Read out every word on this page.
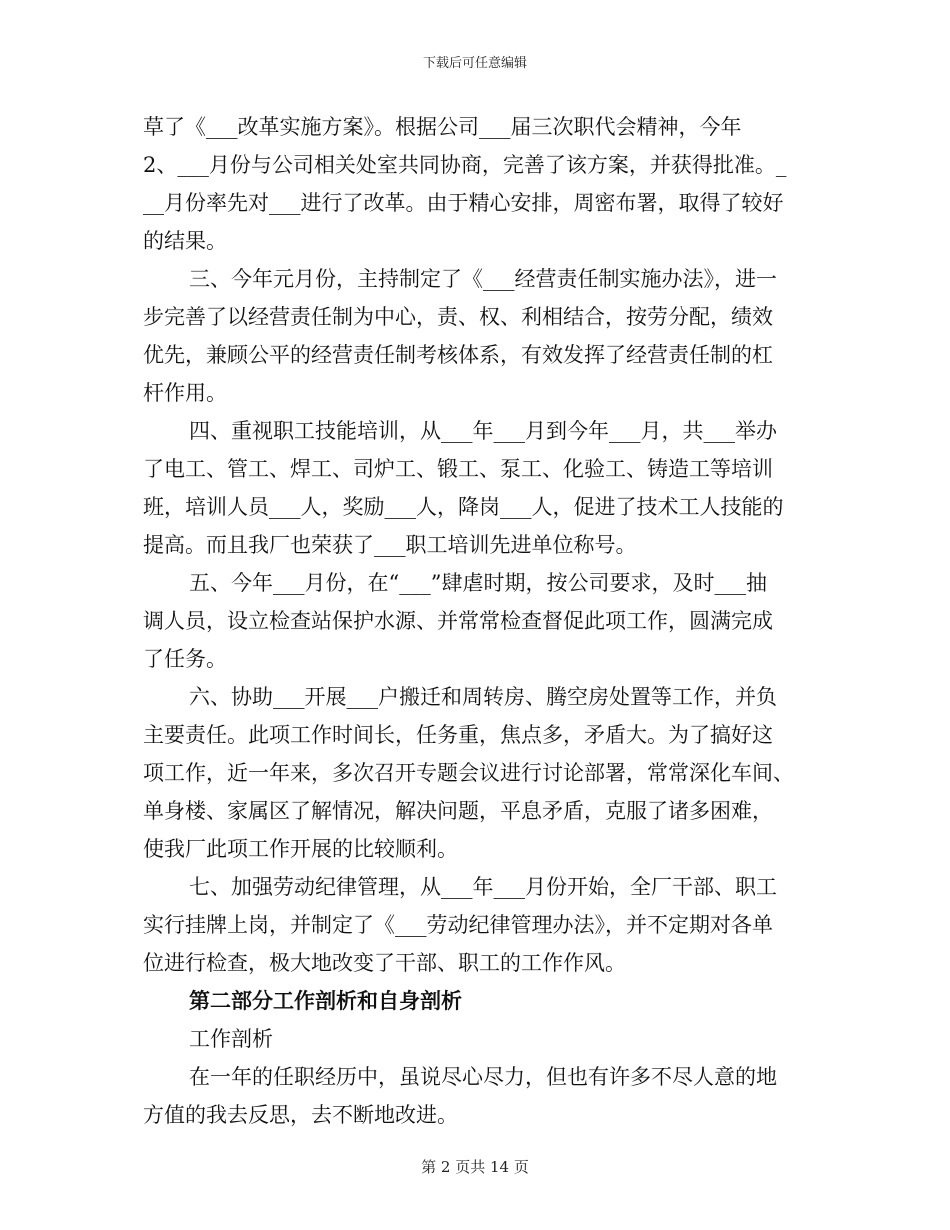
下载后可任意编辑
草了《___改革实施方案》。根据公司___届三次职代会精神，今年
2、___月份与公司相关处室共同协商，完善了该方案，并获得批准。_
__月份率先对___进行了改革。由于精心安排，周密布署，取得了较好
的结果。
三、今年元月份，主持制定了《___经营责任制实施办法》，进一
步完善了以经营责任制为中心，责、权、利相结合，按劳分配，绩效
优先，兼顾公平的经营责任制考核体系，有效发挥了经营责任制的杠
杆作用。
四、重视职工技能培训，从___年___月到今年___月，共___举办
了电工、管工、焊工、司炉工、锻工、泵工、化验工、铸造工等培训
班，培训人员___人，奖励___人，降岗___人，促进了技术工人技能的
提高。而且我厂也荣获了___职工培训先进单位称号。
五、今年___月份，在“___”肆虐时期，按公司要求，及时___抽
调人员，设立检查站保护水源、并常常检查督促此项工作，圆满完成
了任务。
六、协助___开展___户搬迁和周转房、腾空房处置等工作，并负
主要责任。此项工作时间长，任务重，焦点多，矛盾大。为了搞好这
项工作，近一年来，多次召开专题会议进行讨论部署，常常深化车间、
单身楼、家属区了解情况，解决问题，平息矛盾，克服了诸多困难，
使我厂此项工作开展的比较顺利。
七、加强劳动纪律管理，从___年___月份开始，全厂干部、职工
实行挂牌上岗，并制定了《___劳动纪律管理办法》，并不定期对各单
位进行检查，极大地改变了干部、职工的工作作风。
第二部分工作剖析和自身剖析
工作剖析
在一年的任职经历中，虽说尽心尽力，但也有许多不尽人意的地
方值的我去反思，去不断地改进。
第 2 页共 14 页
